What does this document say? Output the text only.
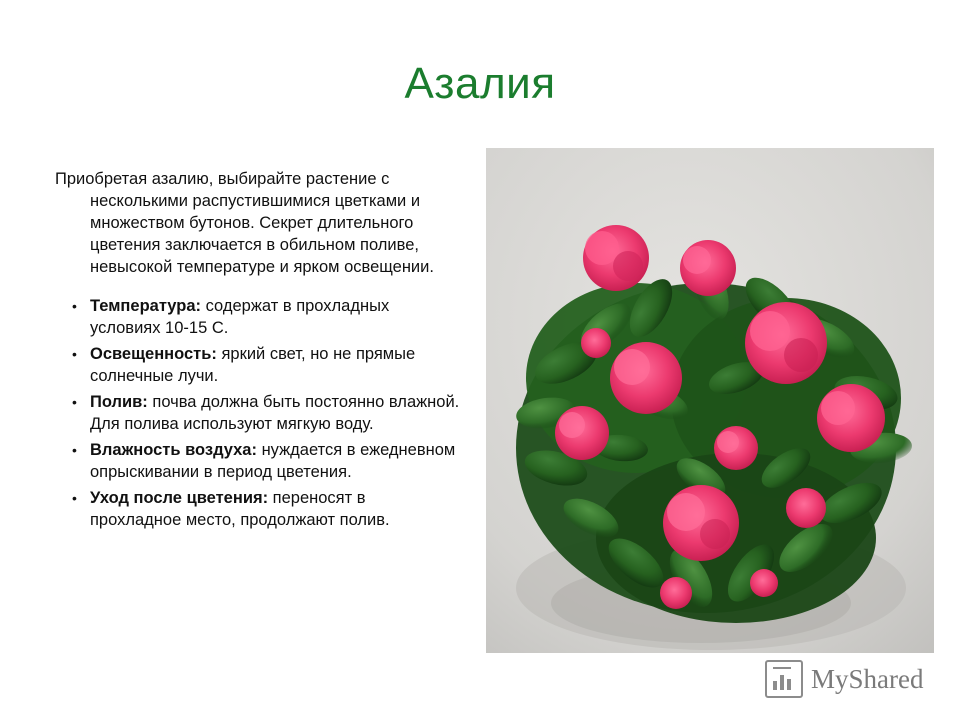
Азалия

Приобретая азалию, выбирайте растение с
несколькими распустившимися цветками и множеством бутонов. Секрет длительного цветения заключается в обильном поливе, невысокой температуре и ярком освещении.

• Температура: содержат в прохладных условиях 10-15 С.
• Освещенность: яркий свет, но не прямые солнечные лучи.
• Полив: почва должна быть постоянно влажной. Для полива используют мягкую воду.
• Влажность воздуха: нуждается в ежедневном опрыскивании в период цветения.
• Уход после цветения: переносят в прохладное место, продолжают полив.
MyShared
